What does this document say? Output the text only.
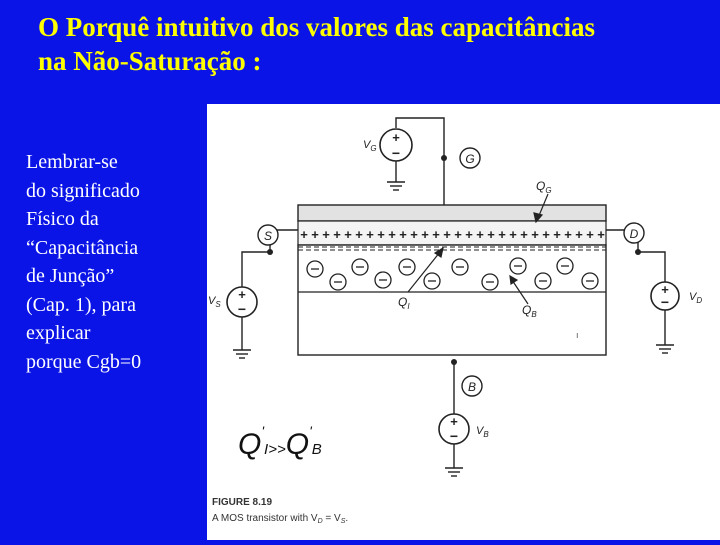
O Porquê intuitivo dos valores das capacitâncias
na Não-Saturação :
Lembrar-se
do significado
Físico da
“Capacitância
de Junção”
(Cap. 1), para
explicar
porque Cgb=0
+
−
+
−
+
−
+
−
+ + + + + + + + + + + + + + + + + + + + + + + + + + + +
G
S	D
B
$Q_G$
$Q_I$	$Q_B$
$V_G$
$V_S$
$V_D$
$V_B$
ı
$Q'_{I>>}Q'_B$
FIGURE 8.19
A MOS transistor with $V_D = V_S$.
